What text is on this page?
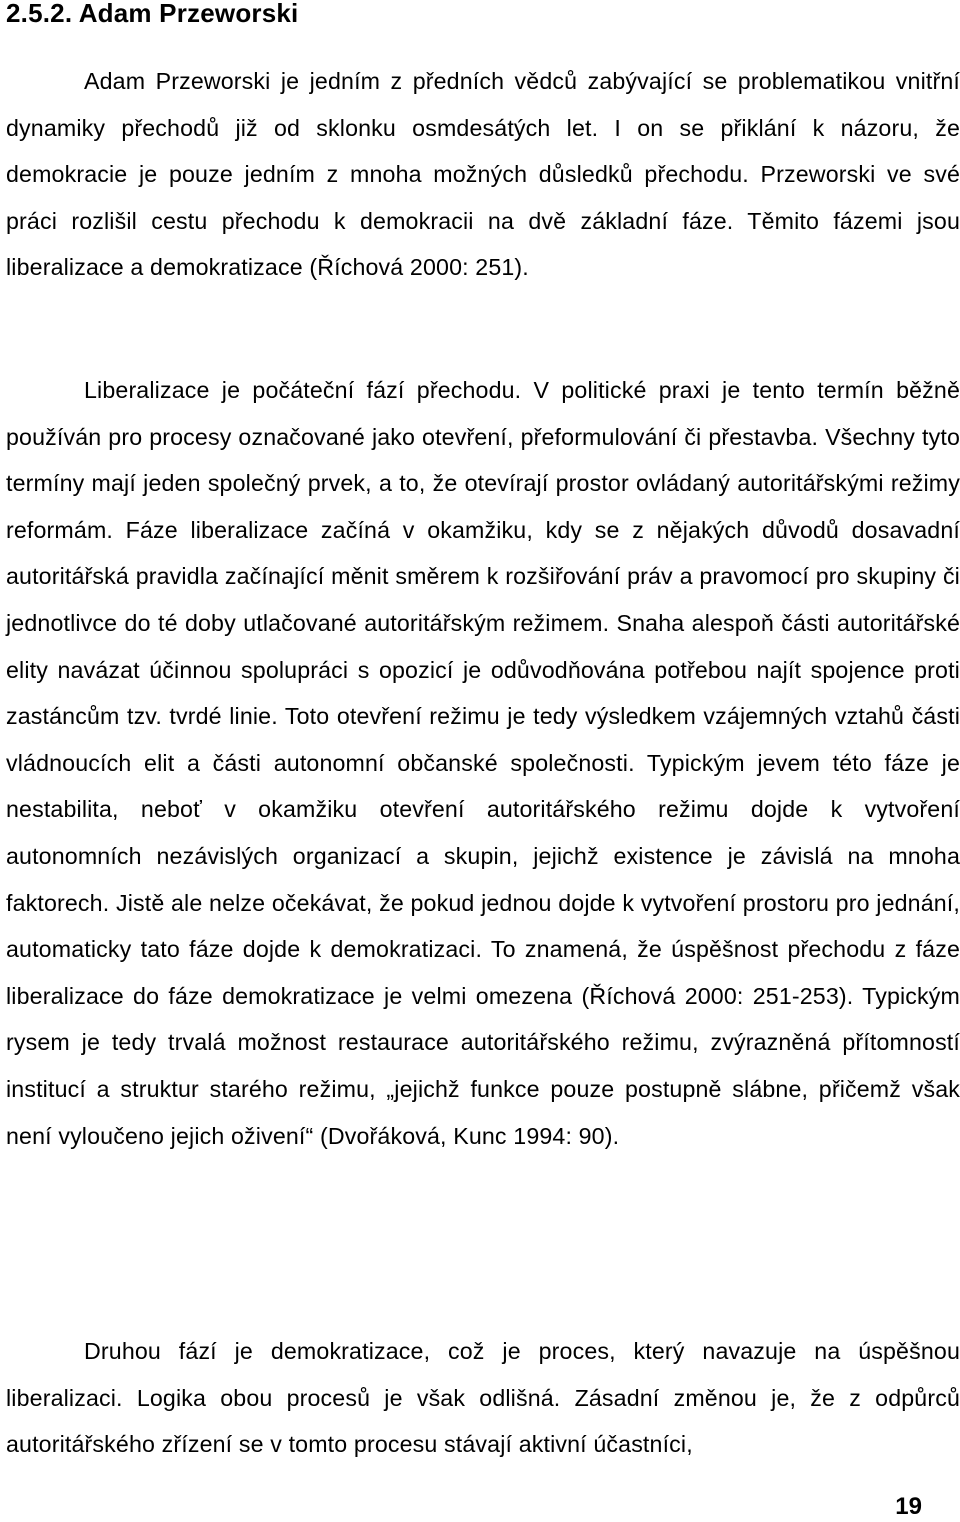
2.5.2. Adam Przeworski

Adam Przeworski je jedním z předních vědců zabývající se problematikou vnitřní dynamiky přechodů již od sklonku osmdesátých let. I on se přiklání k názoru, že demokracie je pouze jedním z mnoha možných důsledků přechodu. Przeworski ve své práci rozlišil cestu přechodu k demokracii na dvě základní fáze. Těmito fázemi jsou liberalizace a demokratizace (Říchová 2000: 251).

Liberalizace je počáteční fází přechodu. V politické praxi je tento termín běžně používán pro procesy označované jako otevření, přeformulování či přestavba. Všechny tyto termíny mají jeden společný prvek, a to, že otevírají prostor ovládaný autoritářskými režimy reformám. Fáze liberalizace začíná v okamžiku, kdy se z nějakých důvodů dosavadní autoritářská pravidla začínající měnit směrem k rozšiřování práv a pravomocí pro skupiny či jednotlivce do té doby utlačované autoritářským režimem. Snaha alespoň části autoritářské elity navázat účinnou spolupráci s opozicí je odůvodňována potřebou najít spojence proti zastáncům tzv. tvrdé linie. Toto otevření režimu je tedy výsledkem vzájemných vztahů části vládnoucích elit a části autonomní občanské společnosti. Typickým jevem této fáze je nestabilita, neboť v okamžiku otevření autoritářského režimu dojde k vytvoření autonomních nezávislých organizací a skupin, jejichž existence je závislá na mnoha faktorech. Jistě ale nelze očekávat, že pokud jednou dojde k vytvoření prostoru pro jednání, automaticky tato fáze dojde k demokratizaci. To znamená, že úspěšnost přechodu z fáze liberalizace do fáze demokratizace je velmi omezena (Říchová 2000: 251-253). Typickým rysem je tedy trvalá možnost restaurace autoritářského režimu, zvýrazněná přítomností institucí a struktur starého režimu, „jejichž funkce pouze postupně slábne, přičemž však není vyloučeno jejich oživení“ (Dvořáková, Kunc 1994: 90).

Druhou fází je demokratizace, což je proces, který navazuje na úspěšnou liberalizaci. Logika obou procesů je však odlišná. Zásadní změnou je, že z odpůrců autoritářského zřízení se v tomto procesu stávají aktivní účastníci,

19
